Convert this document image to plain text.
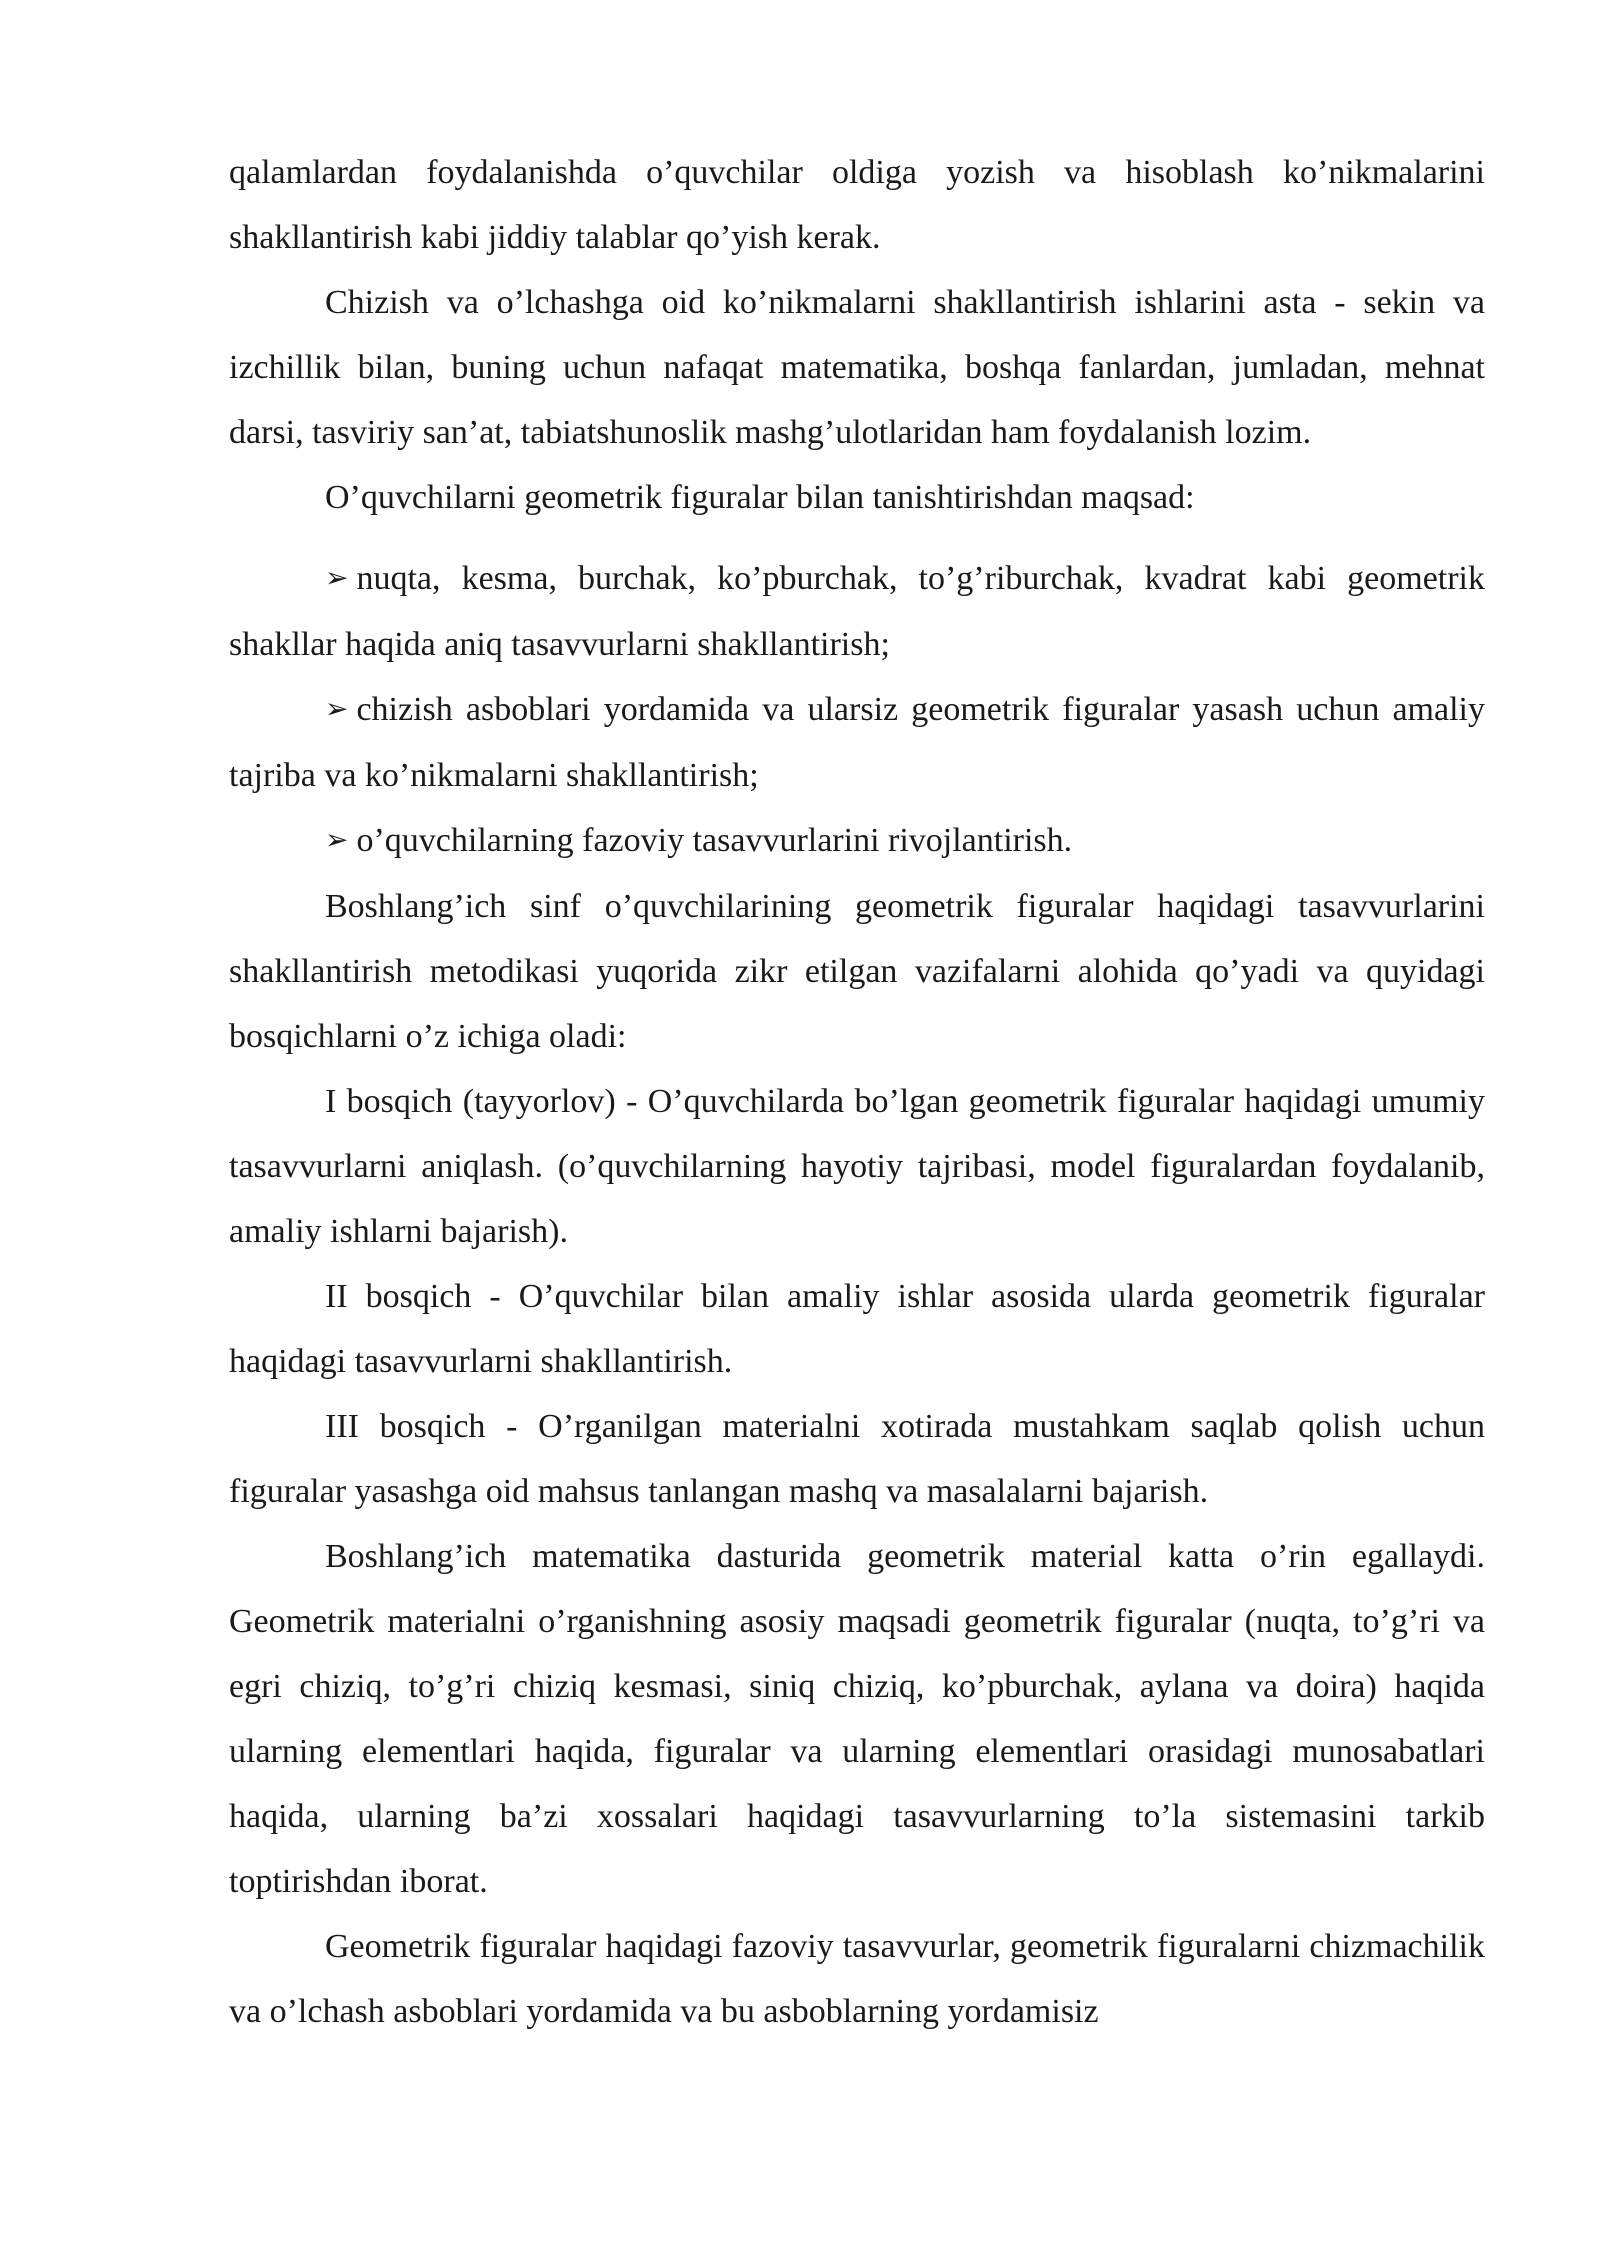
qalamlardan foydalanishda o’quvchilar oldiga yozish va hisoblash ko’nikmalarini shakllantirish kabi jiddiy talablar qo’yish kerak.

Chizish va o’lchashga oid ko’nikmalarni shakllantirish ishlarini asta - sekin va izchillik bilan, buning uchun nafaqat matematika, boshqa fanlardan, jumladan, mehnat darsi, tasviriy san’at, tabiatshunoslik mashg’ulotlaridan ham foydalanish lozim.

O’quvchilarni geometrik figuralar bilan tanishtirishdan maqsad:

➢ nuqta, kesma, burchak, ko’pburchak, to’g’riburchak, kvadrat kabi geometrik shakllar haqida aniq tasavvurlarni shakllantirish;
➢ chizish asboblari yordamida va ularsiz geometrik figuralar yasash uchun amaliy tajriba va ko’nikmalarni shakllantirish;
➢ o’quvchilarning fazoviy tasavvurlarini rivojlantirish.

Boshlang’ich sinf o’quvchilarining geometrik figuralar haqidagi tasavvurlarini shakllantirish metodikasi yuqorida zikr etilgan vazifalarni alohida qo’yadi va quyidagi bosqichlarni o’z ichiga oladi:

I bosqich (tayyorlov) - O’quvchilarda bo’lgan geometrik figuralar haqidagi umumiy tasavvurlarni aniqlash. (o’quvchilarning hayotiy tajribasi, model figuralardan foydalanib, amaliy ishlarni bajarish).

II bosqich - O’quvchilar bilan amaliy ishlar asosida ularda geometrik figuralar haqidagi tasavvurlarni shakllantirish.

III bosqich - O’rganilgan materialni xotirada mustahkam saqlab qolish uchun figuralar yasashga oid mahsus tanlangan mashq va masalalarni bajarish.

Boshlang’ich matematika dasturida geometrik material katta o’rin egallaydi. Geometrik materialni o’rganishning asosiy maqsadi geometrik figuralar (nuqta, to’g’ri va egri chiziq, to’g’ri chiziq kesmasi, siniq chiziq, ko’pburchak, aylana va doira) haqida ularning elementlari haqida, figuralar va ularning elementlari orasidagi munosabatlari haqida, ularning ba’zi xossalari haqidagi tasavvurlarning to’la sistemasini tarkib toptirishdan iborat.

Geometrik figuralar haqidagi fazoviy tasavvurlar, geometrik figuralarni chizmachilik va o’lchash asboblari yordamida va bu asboblarning yordamisiz
